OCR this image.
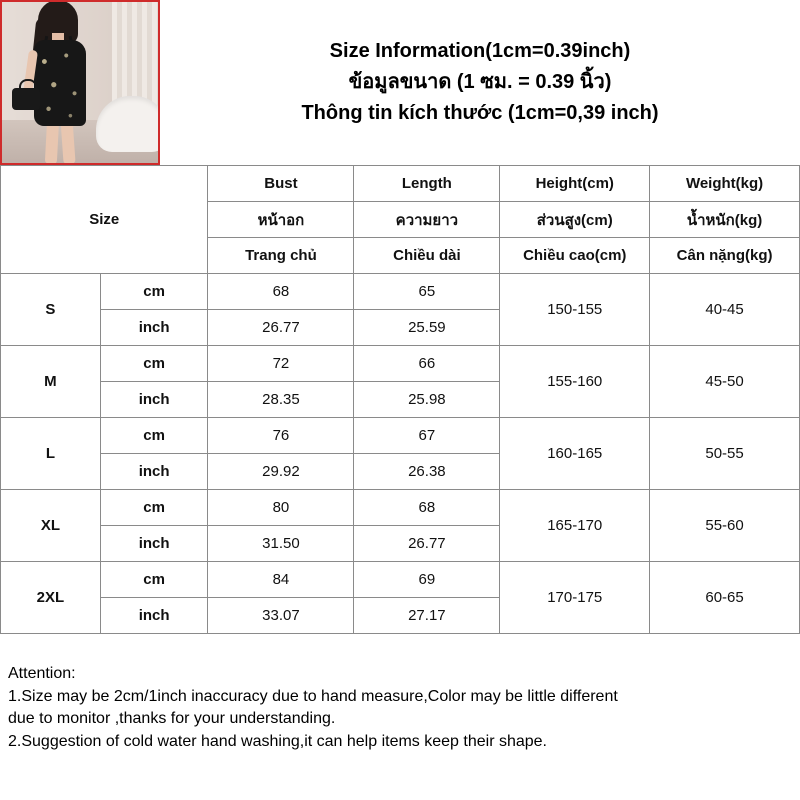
Size Information(1cm=0.39inch)
ข้อมูลขนาด (1 ซม. = 0.39 นิ้ว)
Thông tin kích thước (1cm=0,39 inch)
Size		Bust	Length	Height(cm)	Weight(kg)
		หน้าอก	ความยาว	ส่วนสูง(cm)	น้ำหนัก(kg)
		Trang chủ	Chiều dài	Chiều cao(cm)	Cân nặng(kg)
S	cm	68	65	150-155	40-45
	inch	26.77	25.59		
M	cm	72	66	155-160	45-50
	inch	28.35	25.98		
L	cm	76	67	160-165	50-55
	inch	29.92	26.38		
XL	cm	80	68	165-170	55-60
	inch	31.50	26.77		
2XL	cm	84	69	170-175	60-65
	inch	33.07	27.17		
Attention:
1.Size may be 2cm/1inch inaccuracy due to hand measure,Color may be little different
due to monitor ,thanks for your understanding.
2.Suggestion of cold water hand washing,it can help items keep their shape.
